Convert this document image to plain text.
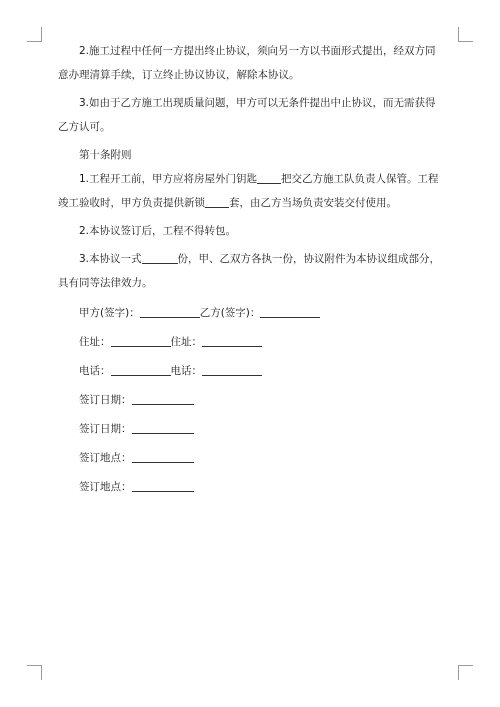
2.施工过程中任何一方提出终止协议，须向另一方以书面形式提出，经双方同意办理清算手续，订立终止协议协议，解除本协议。

3.如由于乙方施工出现质量问题，甲方可以无条件提出中止协议，而无需获得乙方认可。

第十条附则

1.工程开工前，甲方应将房屋外门钥匙 把交乙方施工队负责人保管。工程竣工验收时，甲方负责提供新锁 套，由乙方当场负责安装交付使用。

2.本协议签订后，工程不得转包。

3.本协议一式	份，甲、乙双方各执一份，协议附件为本协议组成部分，具有同等法律效力。

甲方(签字)：	乙方(签字)：

住址：	住址：

电话：	电话：

签订日期：

签订日期：

签订地点：

签订地点：
